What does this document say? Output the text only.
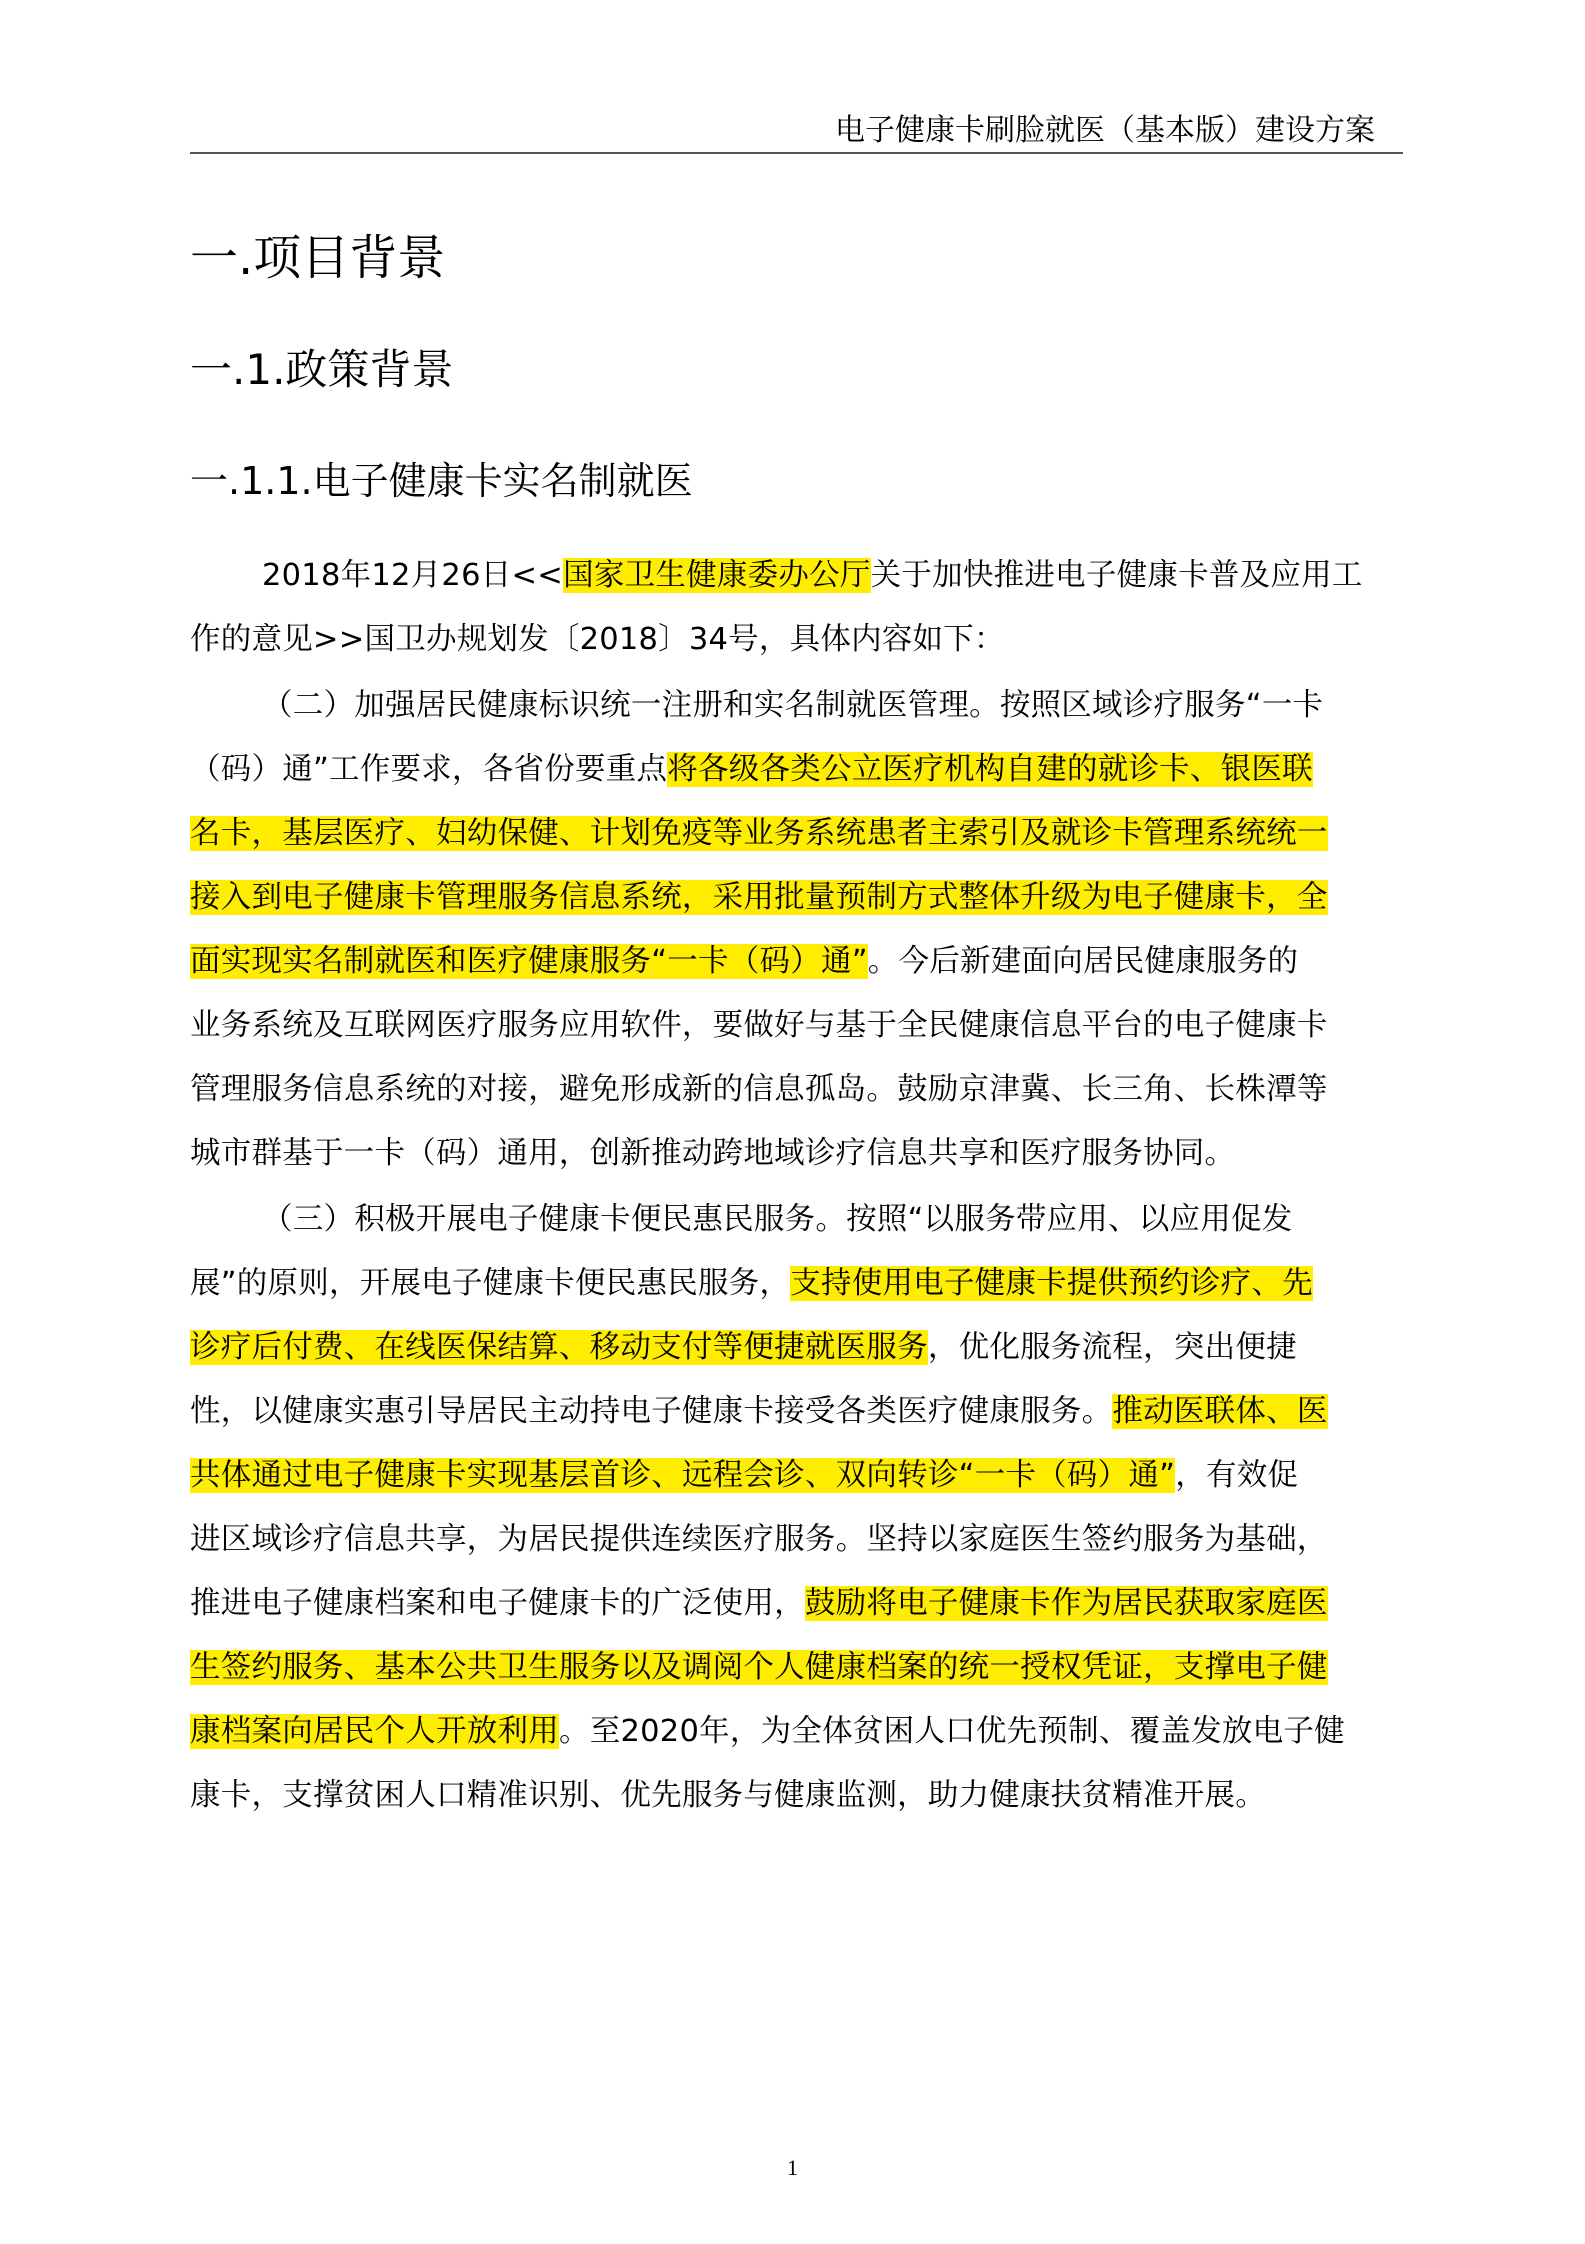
电子健康卡刷脸就医（基本版）建设方案
一.项目背景
一.1.政策背景
一.1.1.电子健康卡实名制就医
2018年12月26日<<国家卫生健康委办公厅关于加快推进电子健康卡普及应用工
作的意见>>国卫办规划发〔2018〕34号，具体内容如下：
（二）加强居民健康标识统一注册和实名制就医管理。按照区域诊疗服务“一卡
（码）通”工作要求，各省份要重点将各级各类公立医疗机构自建的就诊卡、银医联
名卡，基层医疗、妇幼保健、计划免疫等业务系统患者主索引及就诊卡管理系统统一
接入到电子健康卡管理服务信息系统，采用批量预制方式整体升级为电子健康卡，全
面实现实名制就医和医疗健康服务“一卡（码）通”。今后新建面向居民健康服务的
业务系统及互联网医疗服务应用软件，要做好与基于全民健康信息平台的电子健康卡
管理服务信息系统的对接，避免形成新的信息孤岛。鼓励京津冀、长三角、长株潭等
城市群基于一卡（码）通用，创新推动跨地域诊疗信息共享和医疗服务协同。
（三）积极开展电子健康卡便民惠民服务。按照“以服务带应用、以应用促发
展”的原则，开展电子健康卡便民惠民服务，支持使用电子健康卡提供预约诊疗、先
诊疗后付费、在线医保结算、移动支付等便捷就医服务，优化服务流程，突出便捷
性，以健康实惠引导居民主动持电子健康卡接受各类医疗健康服务。推动医联体、医
共体通过电子健康卡实现基层首诊、远程会诊、双向转诊“一卡（码）通”，有效促
进区域诊疗信息共享，为居民提供连续医疗服务。坚持以家庭医生签约服务为基础，
推进电子健康档案和电子健康卡的广泛使用，鼓励将电子健康卡作为居民获取家庭医
生签约服务、基本公共卫生服务以及调阅个人健康档案的统一授权凭证，支撑电子健
康档案向居民个人开放利用。至2020年，为全体贫困人口优先预制、覆盖发放电子健
康卡，支撑贫困人口精准识别、优先服务与健康监测，助力健康扶贫精准开展。
1
